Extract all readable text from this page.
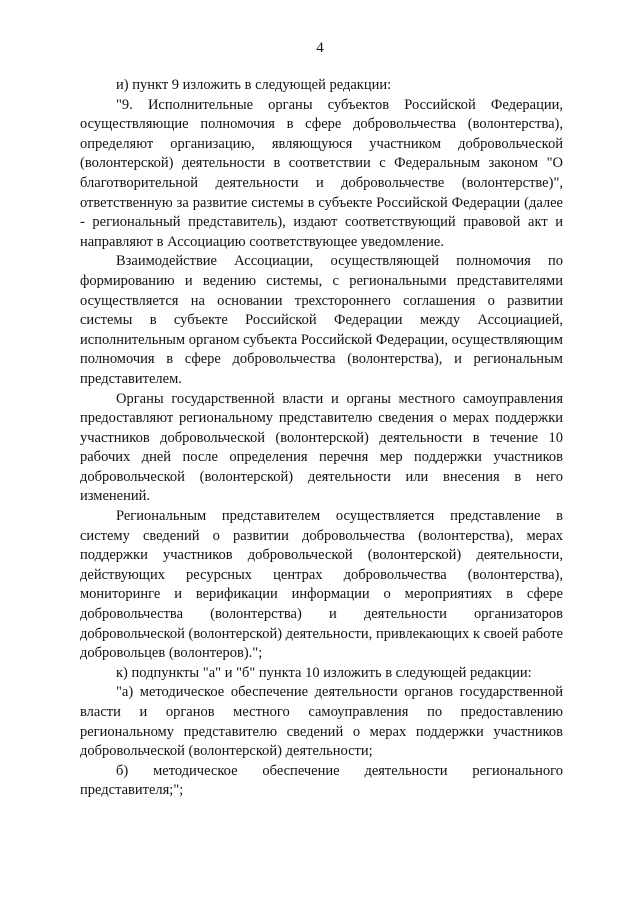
4

и) пункт 9 изложить в следующей редакции:

"9. Исполнительные органы субъектов Российской Федерации, осуществляющие полномочия в сфере добровольчества (волонтерства), определяют организацию, являющуюся участником добровольческой (волонтерской) деятельности в соответствии с Федеральным законом "О благотворительной деятельности и добровольчестве (волонтерстве)", ответственную за развитие системы в субъекте Российской Федерации (далее - региональный представитель), издают соответствующий правовой акт и направляют в Ассоциацию соответствующее уведомление.

Взаимодействие Ассоциации, осуществляющей полномочия по формированию и ведению системы, с региональными представителями осуществляется на основании трехстороннего соглашения о развитии системы в субъекте Российской Федерации между Ассоциацией, исполнительным органом субъекта Российской Федерации, осуществляющим полномочия в сфере добровольчества (волонтерства), и региональным представителем.

Органы государственной власти и органы местного самоуправления предоставляют региональному представителю сведения о мерах поддержки участников добровольческой (волонтерской) деятельности в течение 10 рабочих дней после определения перечня мер поддержки участников добровольческой (волонтерской) деятельности или внесения в него изменений.

Региональным представителем осуществляется представление в систему сведений о развитии добровольчества (волонтерства), мерах поддержки участников добровольческой (волонтерской) деятельности, действующих ресурсных центрах добровольчества (волонтерства), мониторинге и верификации информации о мероприятиях в сфере добровольчества (волонтерства) и деятельности организаторов добровольческой (волонтерской) деятельности, привлекающих к своей работе добровольцев (волонтеров).";

к) подпункты "а" и "б" пункта 10 изложить в следующей редакции:

"а) методическое обеспечение деятельности органов государственной власти и органов местного самоуправления по предоставлению региональному представителю сведений о мерах поддержки участников добровольческой (волонтерской) деятельности;

б) методическое обеспечение деятельности регионального представителя;";
